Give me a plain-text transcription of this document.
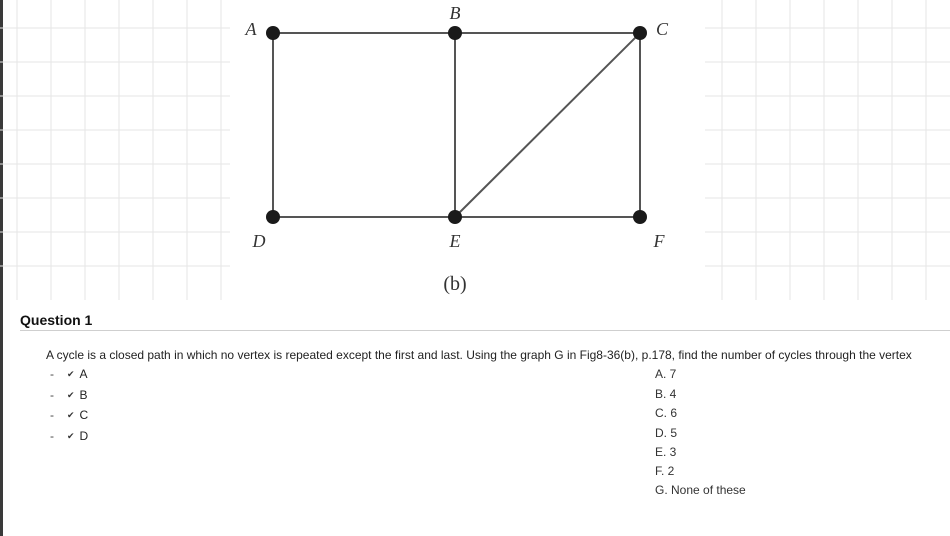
A
B
C
D	E	F
(b)
Question 1
A cycle is a closed path in which no vertex is repeated except the first and last. Using the graph G in Fig8-36(b), p.178, find the number of cycles through the vertex
-	✔ A
-	✔ B
-	✔ C
-	✔ D
A. 7
B. 4
C. 6
D. 5
E. 3
F. 2
G. None of these
